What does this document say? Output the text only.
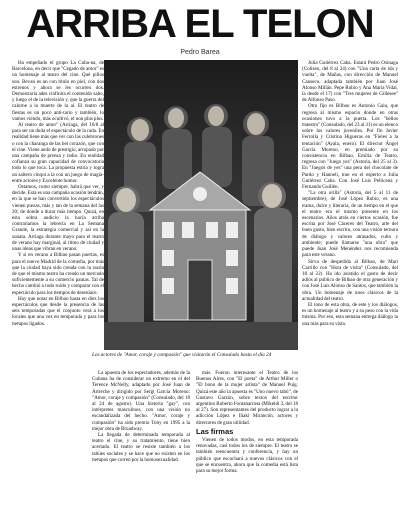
ARRIBA EL TELON
Pedro Barea

Ha empeñado el grupo La Cuba-na, de Barcelona, en decir que "Cegado de amor" es un homenaje al teatro del cine. Qué pillos son. Bevan es un con título en piel, con dos estrenos y ahora se les ocurren dos. Demostraría ades cinfinita el contenido sabo, y luego el de la televisión y, que la guerra del calorne a la muerte de la aí. El teatro de fiestas es un poco anti-tario y también, lo vamos viéndo, más ocultivó, el non plus plus.

Al teatro de amor" (Arriaga, del 16/8 al para ser un duda el espectáculo de la rada. En realidad tiene más que ver con las culebrones o con la charanga de las bel corazón, que con el cine. Viene ando de prestigio, arropado por una campaña de prensa y radio. En realidad cofianza su gran capacidad de convocatoria todo lo que toca. La propuesta estría y logra un saltero cinqui a la con un juego de magia- entre actores y Excelente humor.

Ostamos, como siempre, habrá que ver, y decide. Esta es una campaña ocasión tendrán, en la que se han convertido los espectáculos vienen piezas, más y tan de la semana del las 20; de donde a durar más tiempo. Quizá, en esta sobra audicio la hacía arriba contrariamos la lebrería en La Semana Grande, la estrategia comercial y así en la sonata. Arriaga durante mayo para el teatro de verano hay marginal, al ritmo de ciudad y unas ideas que vibran en verano.

Y si en verano a Bilbao pasan puertas, es para el nuevo Madrid de la comedia, por más que la ciudad haya sido creada con la razón de que el mismo teatro ha creado un mercado suficientemente a su comercio pautas. Tal de hecho cambió a todo ruido y comparar con el espectáculo para los tiempos de desenlace.

Hay que notar en Bilbao hasta en diez los espectáculos que desde la presencia de las seis temporadas que el conjunto verá a los locales que una vez en temporada y para los tiempos ligados.

Los actores de "Amor, coraje y compasión" que visitarán el Consulado hasta el día 24

La apuesta de los espectadores, además de la Cubana ha de considerar un extremo en el del Terence McNelly, adaptado por José Juan de Artreche y dirigido por Sergi García Moreno: "Amor, coraje y compasión" (Consulado, del 18 al 24 de agosto). Una historia "gay", con intérpretes masculinos, con una visión no escandalizada del hecho. "Amor, coraje y compasión" ha sido premio Tony en 1995 a la mejor obra de Broadway.

La llegada de determinada temporada al teatro el cine, y su tratamiento, tiene bien acertado. El teatro se resiste también a los tabúes sociales y se hace que no existen en los tiempos que corren por la homosexualidad.

más. Fueron interesante el Teatro de los Buenos Aires, con "El poeta" de Arthur Miller o "El bono de la mujer artista" de Manuel Puig. Quizá este año la apuesta es "Uno nuevo tabú", de Gustavo Garzón, sobre textos del escritor argentino Roberto Fontanarrosa (Mikeldi 3, del 18 al 27). Son representantes del producto lograr a la adicción López e Iñaki Mirancón, actores y directores de gran utilidad.

Las firmas

Vienen de todos modos, en esta temporada renovadas, casi todos los de siempre. El teatro se también reencuentra y conferencia, y hay un público que escuchará a nuevos clásicos con el que se encuentra, ahora que la comedia está lista para su mejor forma.

Julia Gutiérrez Caba. Estará Pedro Osinaga (Coliseo, del 8 al 24) con "Una carta de ida y vuelta", de Mañas, con dirección de Manuel Canseco, adaptada también por Juan José Alonso Millán. Pepe Rubio y Ana María Vidal, la desde el 17) con "Tres mujeres de Gillesee" de Alfonso Paso.

Otro fijo es Bilbao es Antonio Gala, que regresa al mismo espacio donde en otras ocasiones tuvo a la puerta. Los "bellos maestro" (Consulado, del 23 al 31) es un elenco sobre los valores juveniles. Por fin Javier Ferrolla y Cristina Higueras en "Fieles a la tentación" (Ayala, enero). El director Ángel García Moreno, en premiado por su consistencia en Bilbao, Emilia de Teatro, regresa con "Juego yes" (Astoria, del 25 al 3). En "Juegos de yes" una pera del chocolate de Pardo y Hanneli, trae en el esperto a Julia Gutiérrez Caba. Con José Luis Pellicena y Fernando Guillén.

"La otra orilla" (Astoria, del 5 al 11 de septiembre), de José López Rubio, es una trama, dulce y literaria, de un tiempo en el que el teatro era el mismo presente en los escenarios. Años atrás en ciertos ocasión, fue escrita por José Cáceres del Teatro, arte del buen gusto, bien escrito, con una visión ternura de diálogo y valores atrasados, culto y ambiente; puede llamarse "una obra" que puede Juan José Menéndez nos recomienda para este verano.

Sirva de despedida al Bilbao, de Mari Carrillo con "Hora de visita" (Consulado, del 18 al 22). Ha ido asistido el gusto de decir adiós al público de Bilbao de otra generación y con José Luis Alonso de Santos, que también la obra. Un homenaje de unos clásicos de la actualidad del teatro.

El tono de esta obra, de este y los diálogos, es un homenaje al teatro y a su peso con la vida misma. Por eso, esta semana entrega diálogo la una más para su vista.
